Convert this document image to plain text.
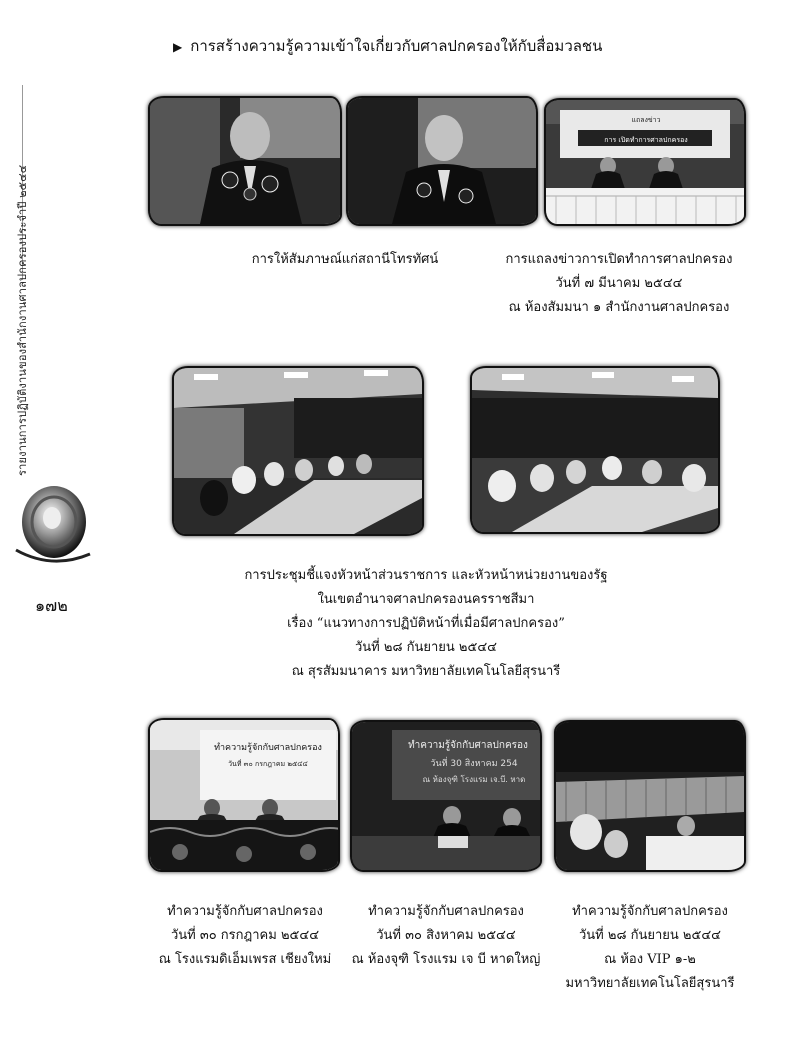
รายงานการปฏิบัติงานของสำนักงานศาลปกครองประจำปี ๒๕๔๔
๑๗๒
▶ การสร้างความรู้ความเข้าใจเกี่ยวกับศาลปกครองให้กับสื่อมวลชน
แถลงข่าว
การ เปิดทำการศาลปกครอง
การให้สัมภาษณ์แก่สถานีโทรทัศน์	การแถลงข่าวการเปิดทำการศาลปกครอง
วันที่ ๗ มีนาคม ๒๕๔๔
ณ ห้องสัมมนา ๑ สำนักงานศาลปกครอง
การประชุมชี้แจงหัวหน้าส่วนราชการ และหัวหน้าหน่วยงานของรัฐ
ในเขตอำนาจศาลปกครองนครราชสีมา
เรื่อง “แนวทางการปฏิบัติหน้าที่เมื่อมีศาลปกครอง”
วันที่ ๒๘ กันยายน ๒๕๔๔
ณ สุรสัมมนาคาร มหาวิทยาลัยเทคโนโลยีสุรนารี
ทำความรู้จักกับศาลปกครอง
วันที่ ๓๐ กรกฎาคม ๒๕๔๔
ทำความรู้จักกับศาลปกครอง
วันที่ 30 สิงหาคม 254
ณ ห้องจุฑิ โรงแรม เจ.บี. หาด
ทำความรู้จักกับศาลปกครอง
วันที่ ๓๐ กรกฎาคม ๒๕๔๔
ณ โรงแรมดิเอ็มเพรส เชียงใหม่
ทำความรู้จักกับศาลปกครอง
วันที่ ๓๐ สิงหาคม ๒๕๔๔
ณ ห้องจุฑิ โรงแรม เจ บี หาดใหญ่
ทำความรู้จักกับศาลปกครอง
วันที่ ๒๘ กันยายน ๒๕๔๔
ณ ห้อง VIP ๑-๒
มหาวิทยาลัยเทคโนโลยีสุรนารี
